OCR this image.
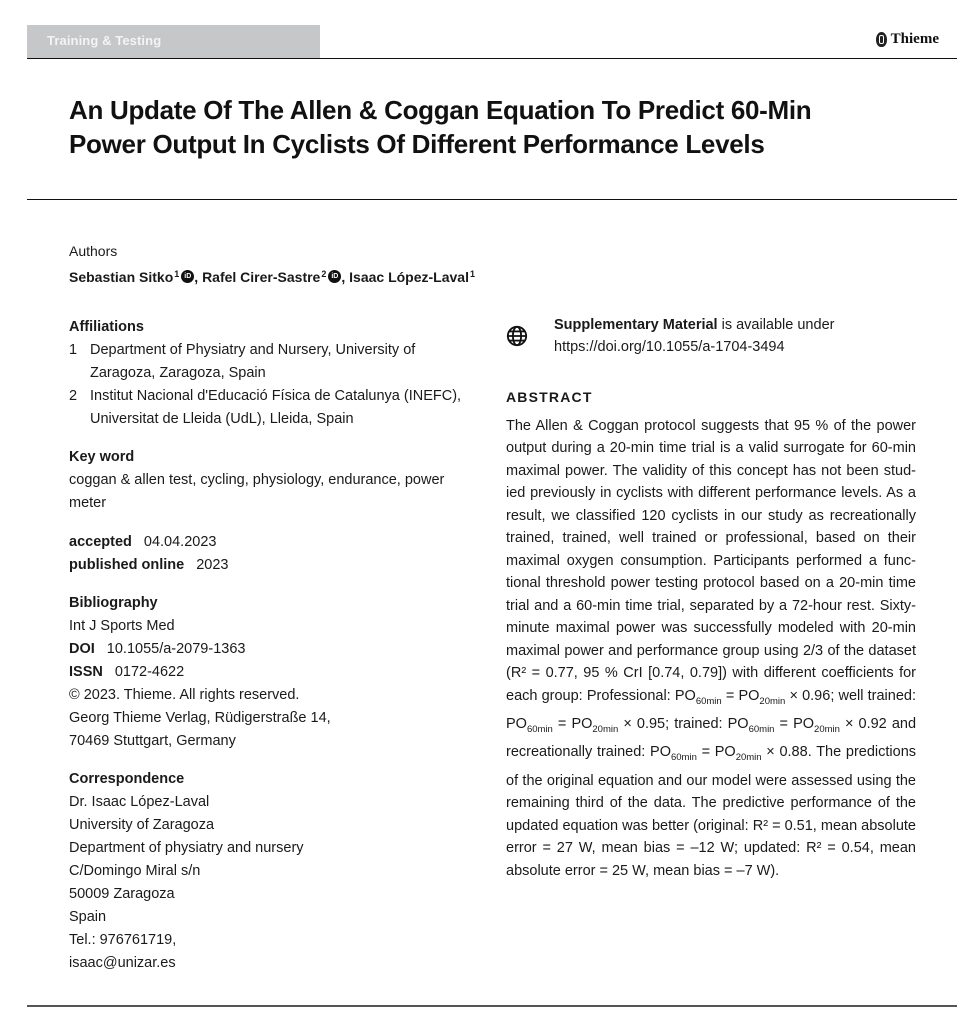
Training & Testing	Thieme
An Update Of The Allen & Coggan Equation To Predict 60-Min
Power Output In Cyclists Of Different Performance Levels
Authors
Sebastian Sitko$^1$ iD , Rafel Cirer-Sastre$^2$ iD , Isaac López-Laval$^1$
Affiliations
1 Department of Physiatry and Nursery, University of Zaragoza, Zaragoza, Spain
2 Institut Nacional d'Educació Física de Catalunya (INEFC), Universitat de Lleida (UdL), Lleida, Spain
Key word
coggan & allen test, cycling, physiology, endurance, power meter
accepted 04.04.2023
published online 2023
Bibliography
Int J Sports Med
DOI 10.1055/a-2079-1363
ISSN 0172-4622
© 2023. Thieme. All rights reserved.
Georg Thieme Verlag, Rüdigerstraße 14,
70469 Stuttgart, Germany
Correspondence
Dr. Isaac López-Laval
University of Zaragoza
Department of physiatry and nursery
C/Domingo Miral s/n
50009 Zaragoza
Spain
Tel.: 976761719,
isaac@unizar.es
Supplementary Material is available under https://doi.org/10.1055/a-1704-3494
ABSTRACT
The Allen & Coggan protocol suggests that 95 % of the power output during a 20-min time trial is a valid surrogate for 60-min maximal power. The validity of this concept has not been studied previously in cyclists with different performance levels. As a result, we classified 120 cyclists in our study as recreationally trained, trained, well trained or professional, based on their maximal oxygen consumption. Participants performed a functional threshold power testing protocol based on a 20-min time trial and a 60-min time trial, separated by a 72-hour rest. Sixty-minute maximal power was successfully modeled with 20-min maximal power and performance group using 2/3 of the dataset (R² = 0.77, 95 % CrI [0.74, 0.79]) with different coefficients for each group: Professional: $PO_{60min} = PO_{20min} \times 0.96$; well trained: $PO_{60min} = PO_{20min} \times 0.95$; trained: $PO_{60min} = PO_{20min} \times 0.92$ and recreationally trained: $PO_{60min} = PO_{20min} \times 0.88$. The predictions of the original equation and our model were assessed using the remaining third of the data. The predictive performance of the updated equation was better (original: R² = 0.51, mean absolute error = 27 W, mean bias = –12 W; updated: R² = 0.54, mean absolute error = 25 W, mean bias = –7 W).
